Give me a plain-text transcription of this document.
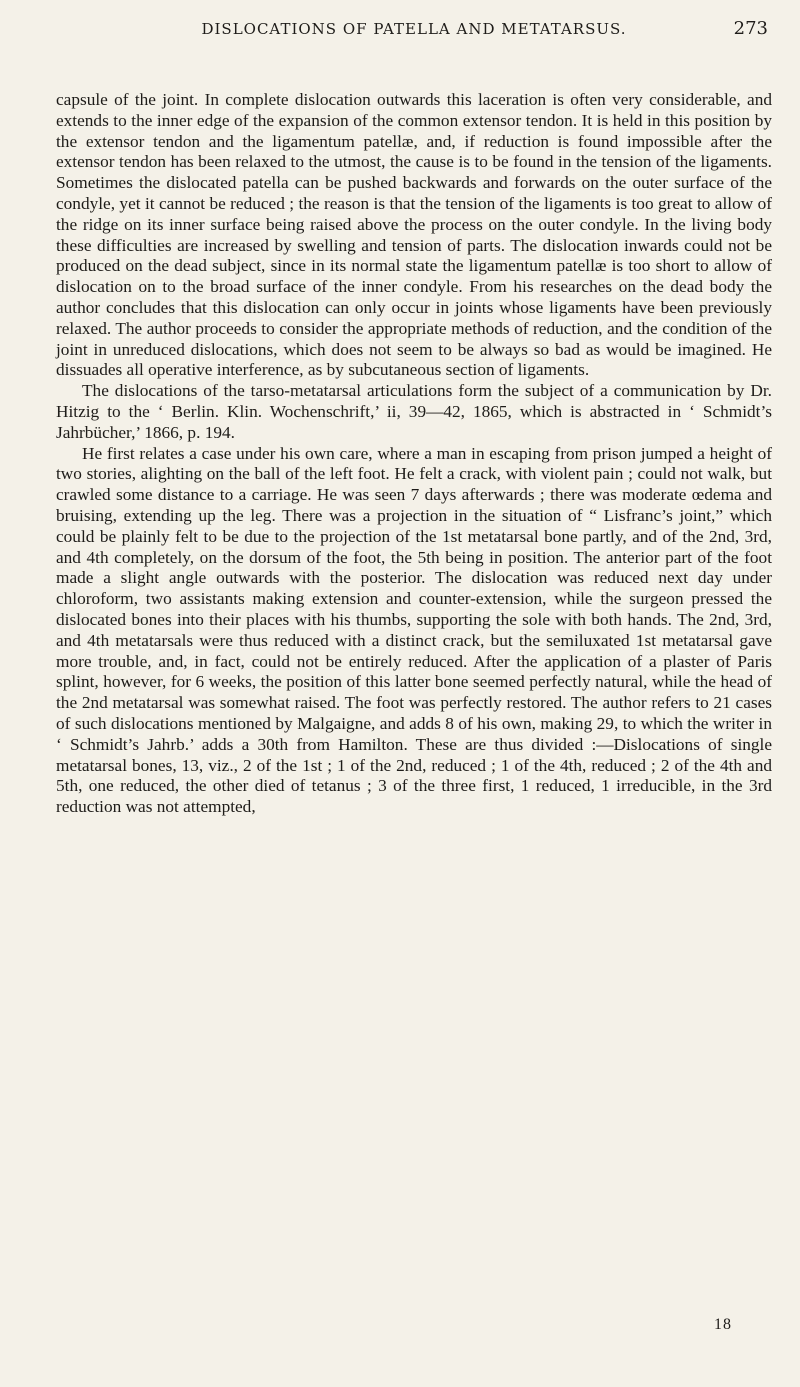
DISLOCATIONS OF PATELLA AND METATARSUS.	273

capsule of the joint. In complete dislocation outwards this laceration is often very considerable, and extends to the inner edge of the expansion of the common extensor tendon. It is held in this position by the extensor tendon and the ligamentum patellæ, and, if reduction is found impossible after the extensor tendon has been relaxed to the utmost, the cause is to be found in the tension of the ligaments. Sometimes the dislocated patella can be pushed backwards and forwards on the outer surface of the condyle, yet it cannot be reduced ; the reason is that the tension of the ligaments is too great to allow of the ridge on its inner surface being raised above the process on the outer condyle. In the living body these difficulties are increased by swelling and tension of parts. The dislocation inwards could not be produced on the dead subject, since in its normal state the ligamentum patellæ is too short to allow of dislocation on to the broad surface of the inner condyle. From his researches on the dead body the author concludes that this dislocation can only occur in joints whose ligaments have been previously relaxed. The author proceeds to consider the appropriate methods of reduction, and the condition of the joint in unreduced dislocations, which does not seem to be always so bad as would be imagined. He dissuades all operative interference, as by subcutaneous section of ligaments.

The dislocations of the tarso-metatarsal articulations form the subject of a communication by Dr. Hitzig to the ‘ Berlin. Klin. Wochenschrift,’ ii, 39—42, 1865, which is abstracted in ‘ Schmidt’s Jahrbücher,’ 1866, p. 194.

He first relates a case under his own care, where a man in escaping from prison jumped a height of two stories, alighting on the ball of the left foot. He felt a crack, with violent pain ; could not walk, but crawled some distance to a carriage. He was seen 7 days afterwards ; there was moderate œdema and bruising, extending up the leg. There was a projection in the situation of “ Lisfranc’s joint,” which could be plainly felt to be due to the projection of the 1st metatarsal bone partly, and of the 2nd, 3rd, and 4th completely, on the dorsum of the foot, the 5th being in position. The anterior part of the foot made a slight angle outwards with the posterior. The dislocation was reduced next day under chloroform, two assistants making extension and counter-extension, while the surgeon pressed the dislocated bones into their places with his thumbs, supporting the sole with both hands. The 2nd, 3rd, and 4th metatarsals were thus reduced with a distinct crack, but the semiluxated 1st metatarsal gave more trouble, and, in fact, could not be entirely reduced. After the application of a plaster of Paris splint, however, for 6 weeks, the position of this latter bone seemed perfectly natural, while the head of the 2nd metatarsal was somewhat raised. The foot was perfectly restored. The author refers to 21 cases of such dislocations mentioned by Malgaigne, and adds 8 of his own, making 29, to which the writer in ‘ Schmidt’s Jahrb.’ adds a 30th from Hamilton. These are thus divided :—Dislocations of single metatarsal bones, 13, viz., 2 of the 1st ; 1 of the 2nd, reduced ; 1 of the 4th, reduced ; 2 of the 4th and 5th, one reduced, the other died of tetanus ; 3 of the three first, 1 reduced, 1 irreducible, in the 3rd reduction was not attempted,

18
